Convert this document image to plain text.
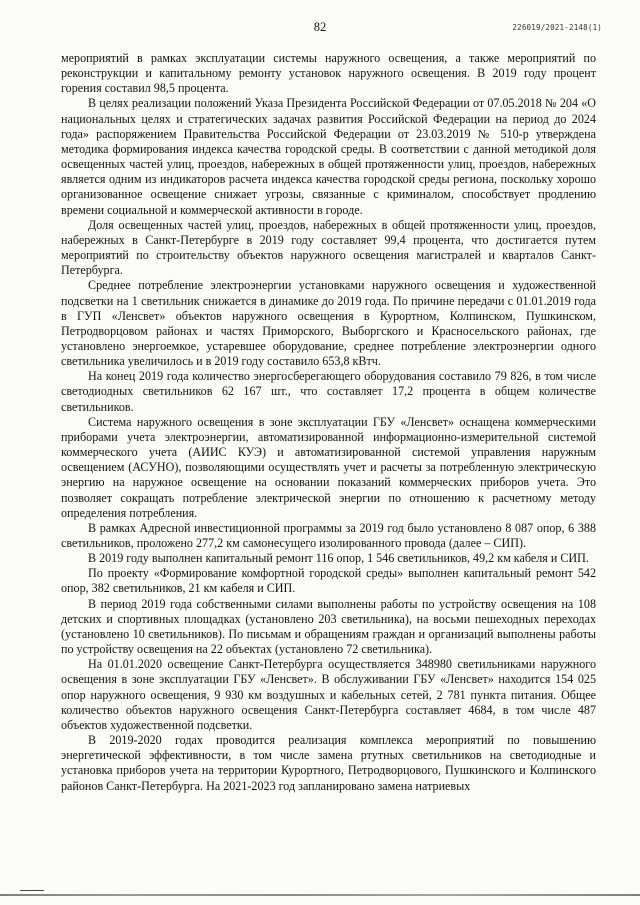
82	226019/2021-2148(1)

мероприятий в рамках эксплуатации системы наружного освещения, а также мероприятий по реконструкции и капитальному ремонту установок наружного освещения. В 2019 году процент горения составил 98,5 процента.

В целях реализации положений Указа Президента Российской Федерации от 07.05.2018 № 204 «О национальных целях и стратегических задачах развития Российской Федерации на период до 2024 года» распоряжением Правительства Российской Федерации от 23.03.2019 № 510-р утверждена методика формирования индекса качества городской среды. В соответствии с данной методикой доля освещенных частей улиц, проездов, набережных в общей протяженности улиц, проездов, набережных является одним из индикаторов расчета индекса качества городской среды региона, поскольку хорошо организованное освещение снижает угрозы, связанные с криминалом, способствует продлению времени социальной и коммерческой активности в городе.

Доля освещенных частей улиц, проездов, набережных в общей протяженности улиц, проездов, набережных в Санкт-Петербурге в 2019 году составляет 99,4 процента, что достигается путем мероприятий по строительству объектов наружного освещения магистралей и кварталов Санкт-Петербурга.

Среднее потребление электроэнергии установками наружного освещения и художественной подсветки на 1 светильник снижается в динамике до 2019 года. По причине передачи с 01.01.2019 года в ГУП «Ленсвет» объектов наружного освещения в Курортном, Колпинском, Пушкинском, Петродворцовом районах и частях Приморского, Выборгского и Красносельского районах, где установлено энергоемкое, устаревшее оборудование, среднее потребление электроэнергии одного светильника увеличилось и в 2019 году составило 653,8 кВтч.

На конец 2019 года количество энергосберегающего оборудования составило 79 826, в том числе светодиодных светильников 62 167 шт., что составляет 17,2 процента в общем количестве светильников.

Система наружного освещения в зоне эксплуатации ГБУ «Ленсвет» оснащена коммерческими приборами учета электроэнергии, автоматизированной информационно-измерительной системой коммерческого учета (АИИС КУЭ) и автоматизированной системой управления наружным освещением (АСУНО), позволяющими осуществлять учет и расчеты за потребленную электрическую энергию на наружное освещение на основании показаний коммерческих приборов учета. Это позволяет сокращать потребление электрической энергии по отношению к расчетному методу определения потребления.

В рамках Адресной инвестиционной программы за 2019 год было установлено 8 087 опор, 6 388 светильников, проложено 277,2 км самонесущего изолированного провода (далее – СИП).

В 2019 году выполнен капитальный ремонт 116 опор, 1 546 светильников, 49,2 км кабеля и СИП.

По проекту «Формирование комфортной городской среды» выполнен капитальный ремонт 542 опор, 382 светильников, 21 км кабеля и СИП.

В период 2019 года собственными силами выполнены работы по устройству освещения на 108 детских и спортивных площадках (установлено 203 светильника), на восьми пешеходных переходах (установлено 10 светильников). По письмам и обращениям граждан и организаций выполнены работы по устройству освещения на 22 объектах (установлено 72 светильника).

На 01.01.2020 освещение Санкт-Петербурга осуществляется 348980 светильниками наружного освещения в зоне эксплуатации ГБУ «Ленсвет». В обслуживании ГБУ «Ленсвет» находится 154 025 опор наружного освещения, 9 930 км воздушных и кабельных сетей, 2 781 пункта питания. Общее количество объектов наружного освещения Санкт-Петербурга составляет 4684, в том числе 487 объектов художественной подсветки.

В 2019-2020 годах проводится реализация комплекса мероприятий по повышению энергетической эффективности, в том числе замена ртутных светильников на светодиодные и установка приборов учета на территории Курортного, Петродворцового, Пушкинского и Колпинского районов Санкт-Петербурга. На 2021-2023 год запланировано замена натриевых
